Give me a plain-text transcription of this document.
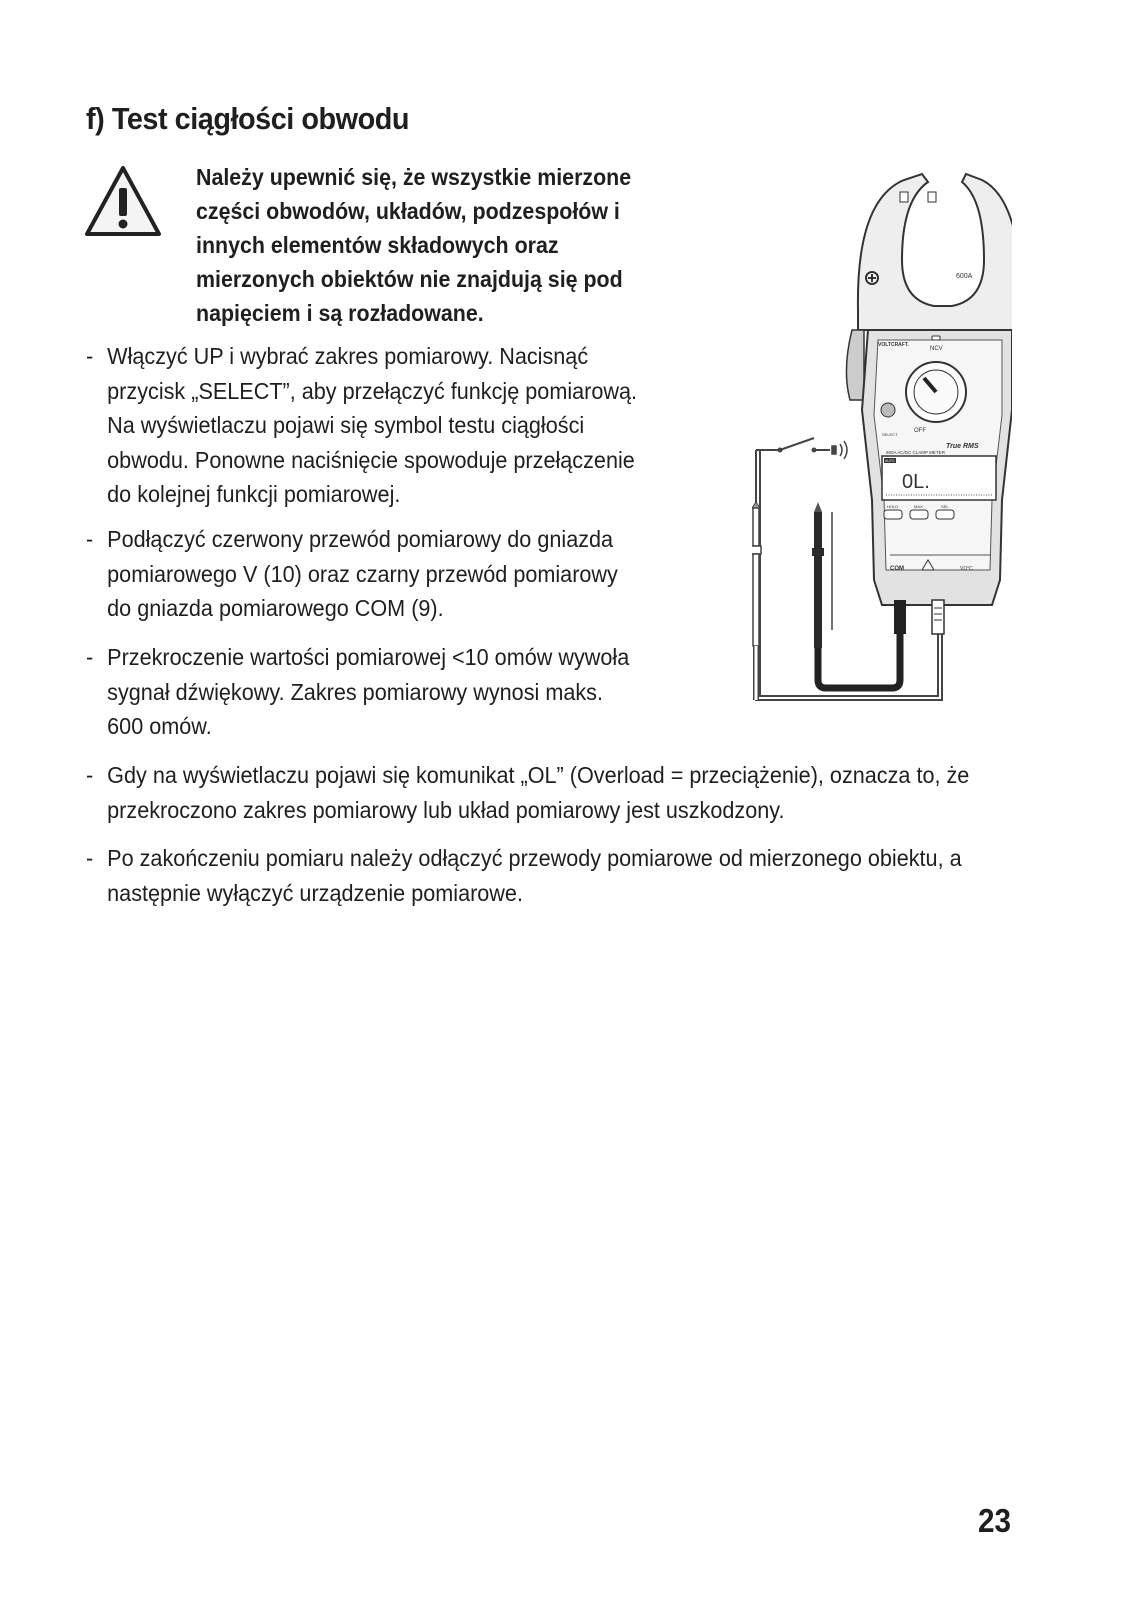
f) Test ciągłości obwodu

Należy upewnić się, że wszystkie mierzone
części obwodów, układów, podzespołów i
innych elementów składowych oraz
mierzonych obiektów nie znajdują się pod
napięciem i są rozładowane.

- Włączyć UP i wybrać zakres pomiarowy. Nacisnąć
przycisk „SELECT”, aby przełączyć funkcję pomiarową.
Na wyświetlaczu pojawi się symbol testu ciągłości
obwodu. Ponowne naciśnięcie spowoduje przełączenie
do kolejnej funkcji pomiarowej.

- Podłączyć czerwony przewód pomiarowy do gniazda
pomiarowego V (10) oraz czarny przewód pomiarowy
do gniazda pomiarowego COM (9).

- Przekroczenie wartości pomiarowej <10 omów wywoła
sygnał dźwiękowy. Zakres pomiarowy wynosi maks.
600 omów.

- Gdy na wyświetlaczu pojawi się komunikat „OL” (Overload = przeciążenie), oznacza to, że
przekroczono zakres pomiarowy lub układ pomiarowy jest uszkodzony.

- Po zakończeniu pomiaru należy odłączyć przewody pomiarowe od mierzonego obiektu, a
następnie wyłączyć urządzenie pomiarowe.

600A
VOLTCRAFT.
NCV
SELECT
OFF
True RMS
600A AC/DC CLAMP METER
AUTO
0L.
HOLD	MAX	SEL
COM	VΩ°C
23
